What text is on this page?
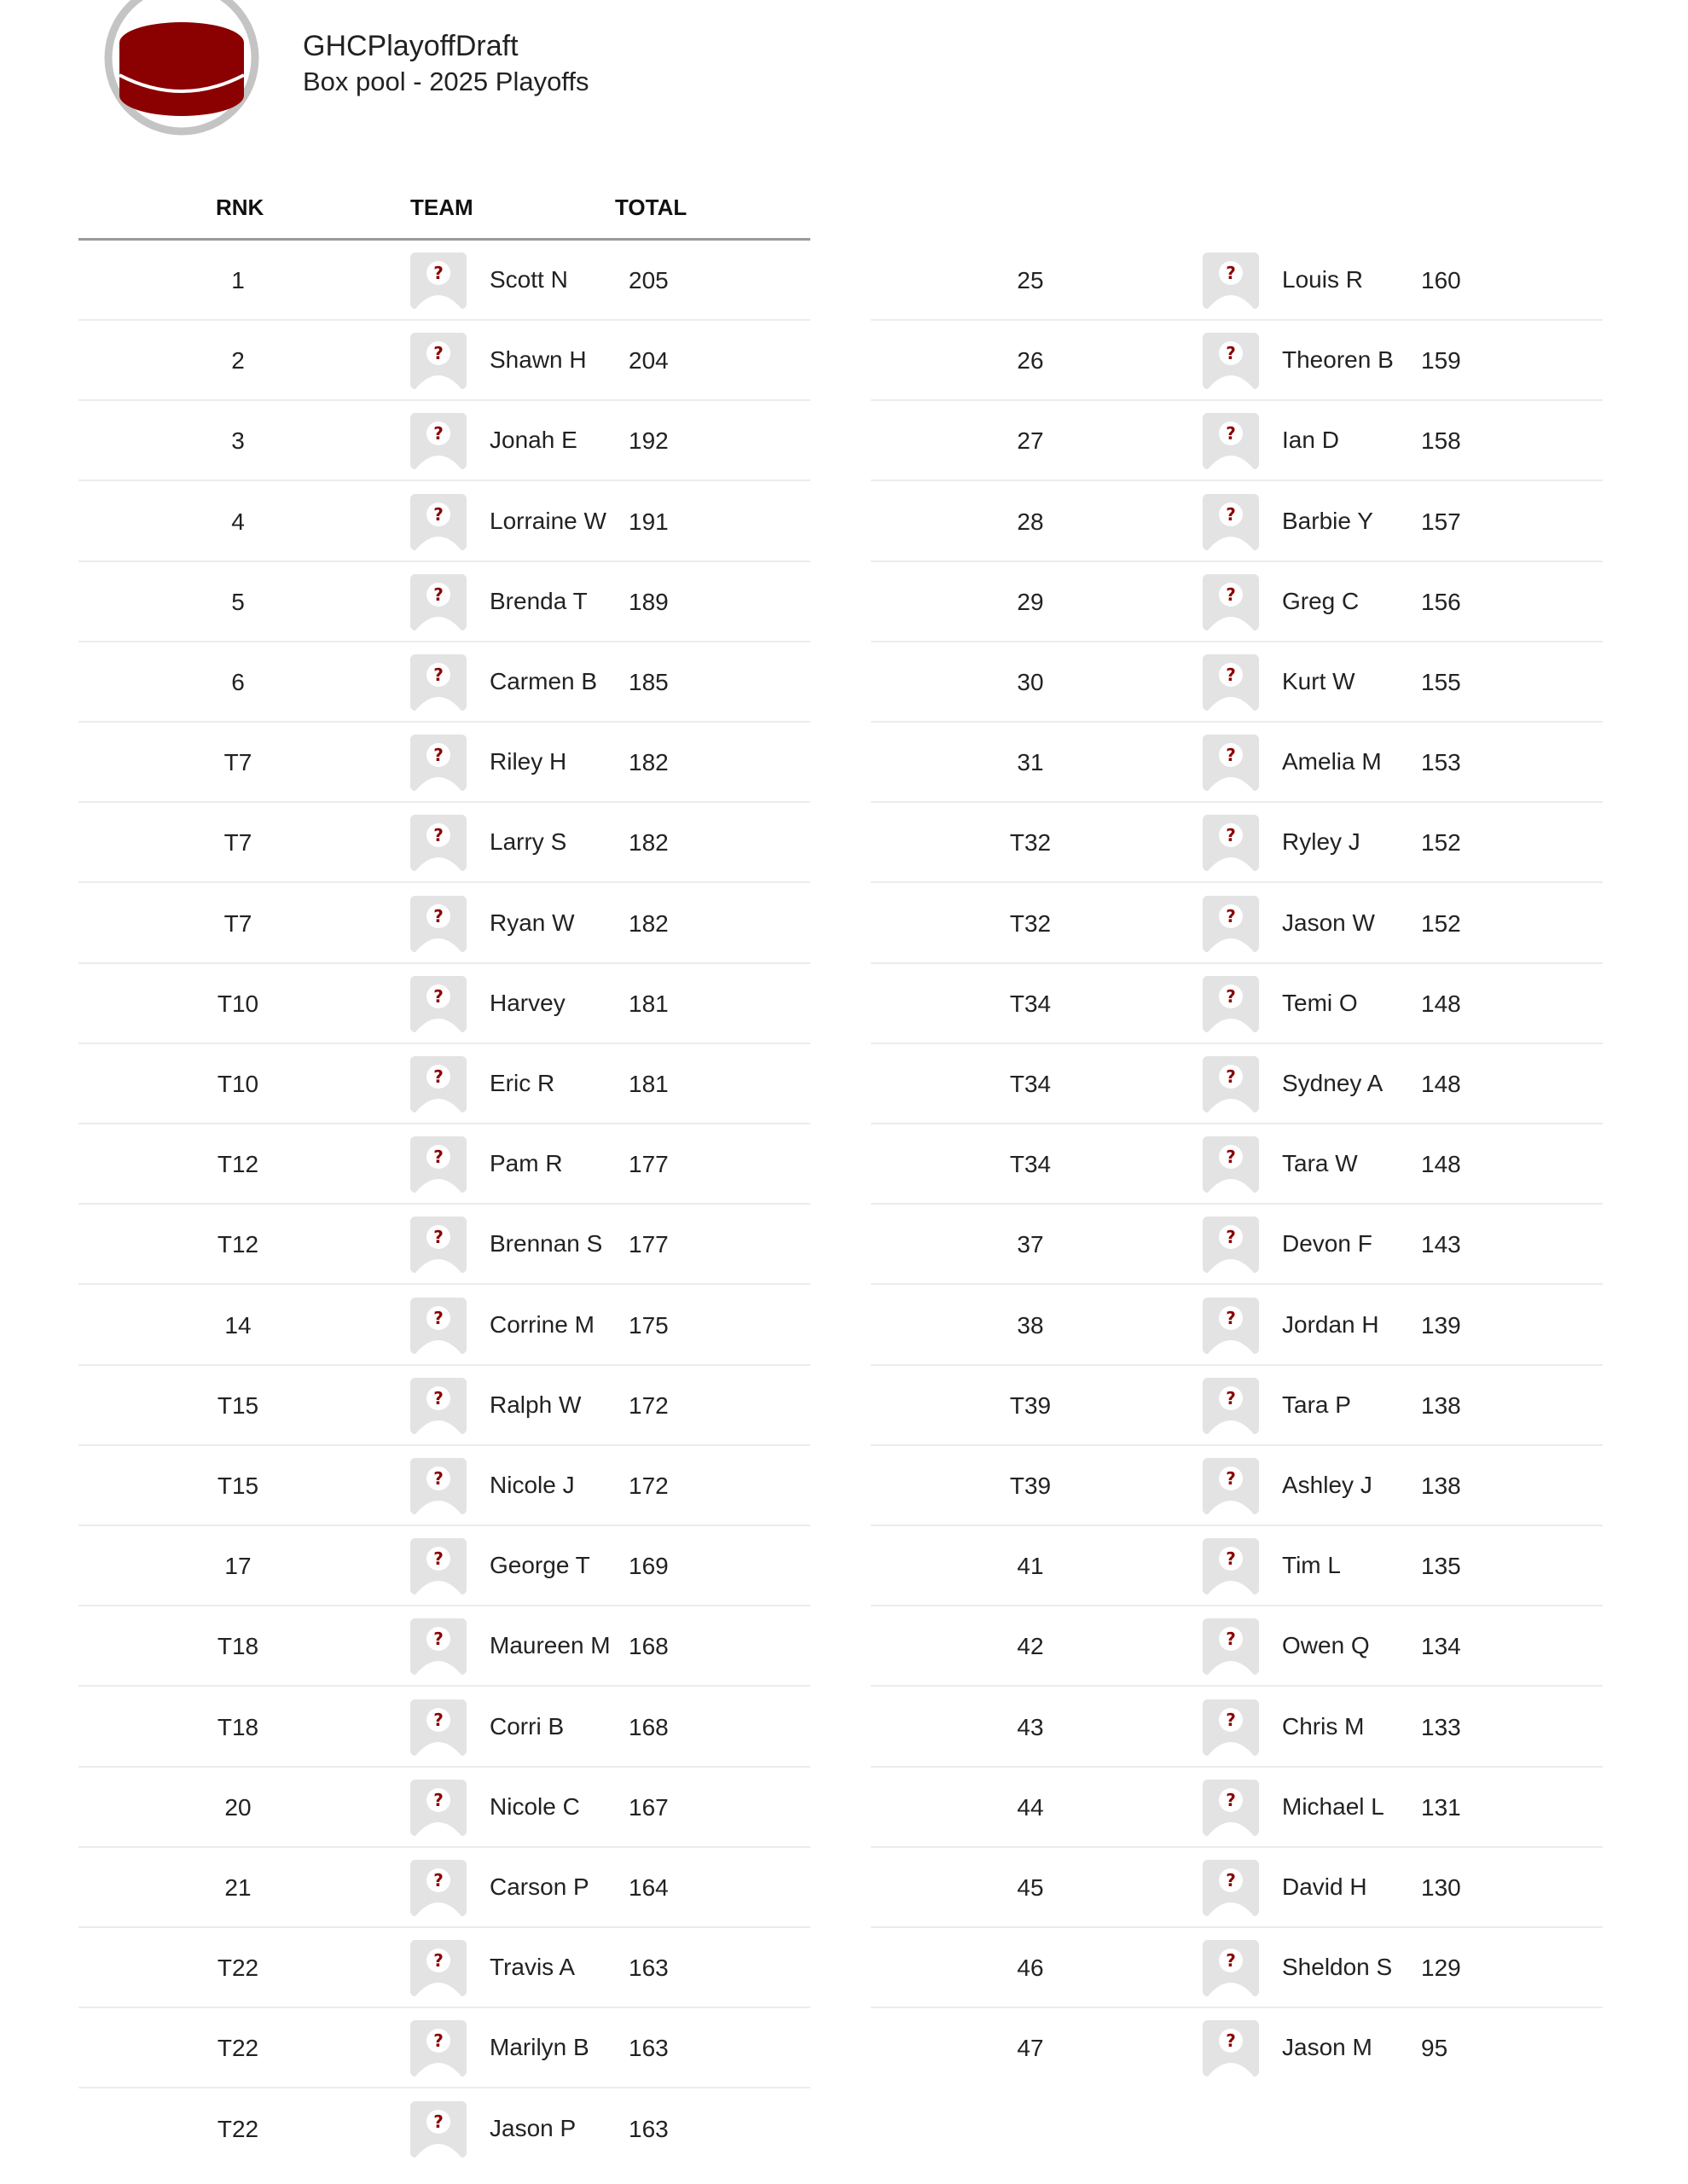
GHCPlayoffDraft
Box pool - 2025 Playoffs
RNK	TEAM	TOTAL
1	? Scott N	205
2	? Shawn H 204
3	? Jonah E 192
4	? Lorraine W 191
5	? Brenda T 189
6	? Carmen B 185
T7	? Riley H	182
T7	? Larry S	182
T7	? Ryan W 182
T10	? Harvey	181
T10	? Eric R	181
T12	? Pam R	177
T12	? Brennan S 177
14	? Corrine M 175
T15	? Ralph W 172
T15	? Nicole J 172
17	? George T 169
T18	? Maureen M 168
T18	? Corri B	168
20	? Nicole C 167
21	? Carson P 164
T22	? Travis A 163
T22	? Marilyn B 163
T22	? Jason P 163
25	? Louis R 160
26	? Theoren B 159
27	? Ian D	158
28	? Barbie Y 157
29	? Greg C	156
30	? Kurt W	155
31	? Amelia M 153
T32	? Ryley J	152
T32	? Jason W 152
T34	? Temi O	148
T34	? Sydney A 148
T34	? Tara W	148
37	? Devon F 143
38	? Jordan H 139
T39	? Tara P	138
T39	? Ashley J 138
41	? Tim L	135
42	? Owen Q 134
43	? Chris M 133
44	? Michael L 131
45	? David H 130
46	? Sheldon S 129
47	? Jason M 95
